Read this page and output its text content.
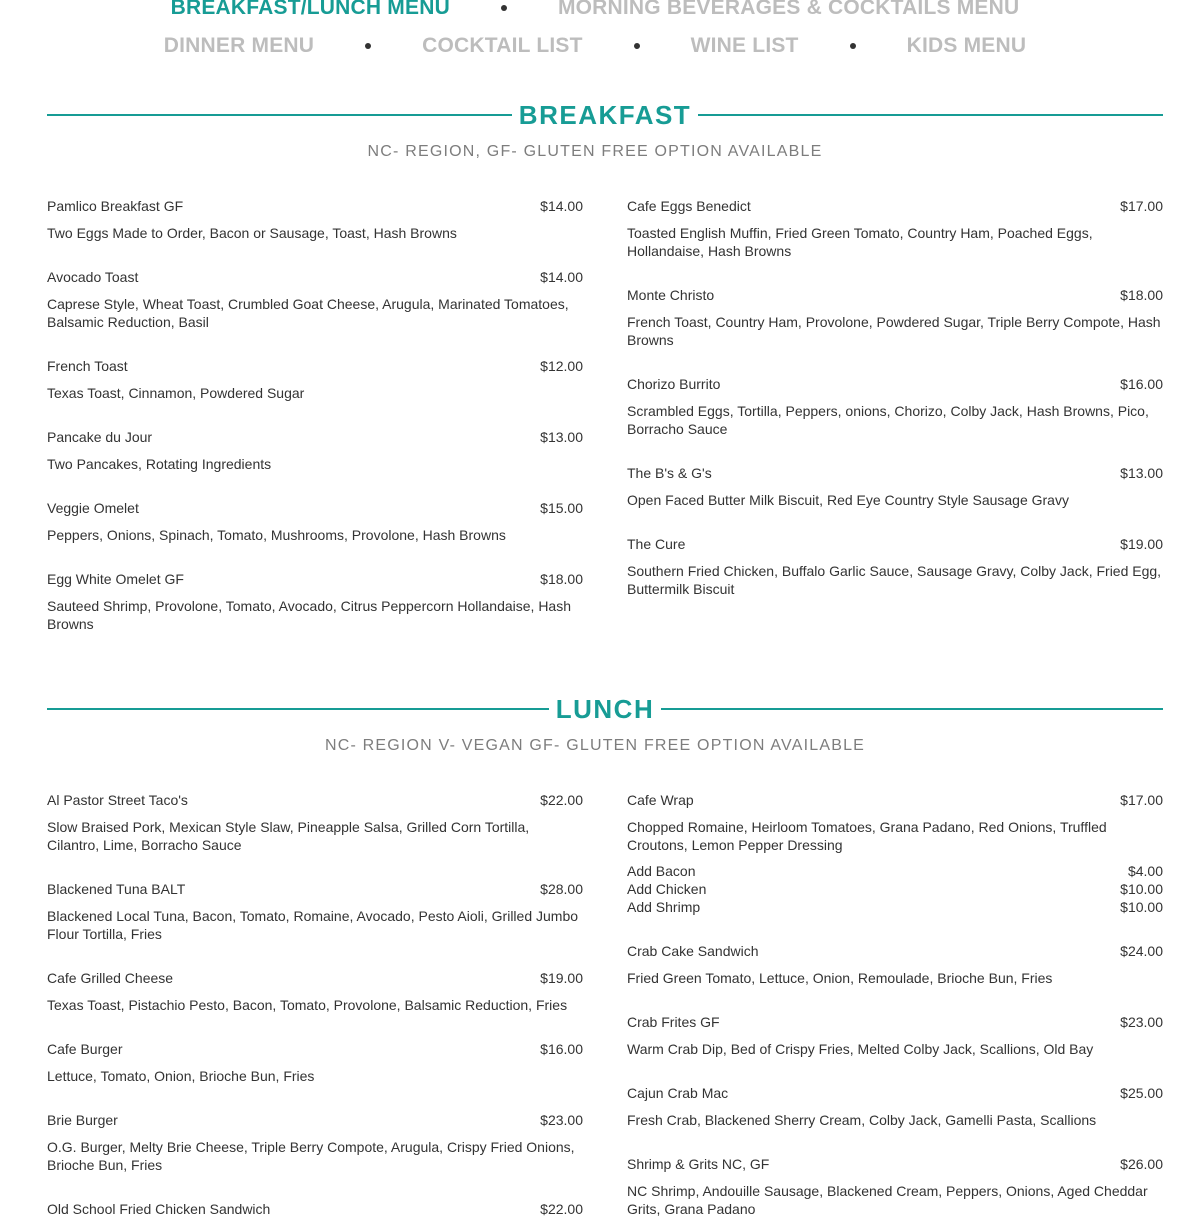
BREAKFAST/LUNCH MENU	MORNING BEVERAGES & COCKTAILS MENU
DINNER MENU	COCKTAIL LIST	WINE LIST	KIDS MENU
BREAKFAST
NC- REGION, GF- GLUTEN FREE OPTION AVAILABLE
Pamlico Breakfast GF	$14.00
Two Eggs Made to Order, Bacon or Sausage, Toast, Hash Browns
Avocado Toast	$14.00
Caprese Style, Wheat Toast, Crumbled Goat Cheese, Arugula, Marinated Tomatoes, Balsamic Reduction, Basil
French Toast	$12.00
Texas Toast, Cinnamon, Powdered Sugar
Pancake du Jour	$13.00
Two Pancakes, Rotating Ingredients
Veggie Omelet	$15.00
Peppers, Onions, Spinach, Tomato, Mushrooms, Provolone, Hash Browns
Egg White Omelet GF	$18.00
Sauteed Shrimp, Provolone, Tomato, Avocado, Citrus Peppercorn Hollandaise, Hash Browns
Cafe Eggs Benedict	$17.00
Toasted English Muffin, Fried Green Tomato, Country Ham, Poached Eggs, Hollandaise, Hash Browns
Monte Christo	$18.00
French Toast, Country Ham, Provolone, Powdered Sugar, Triple Berry Compote, Hash Browns
Chorizo Burrito	$16.00
Scrambled Eggs, Tortilla, Peppers, onions, Chorizo, Colby Jack, Hash Browns, Pico, Borracho Sauce
The B's & G's	$13.00
Open Faced Butter Milk Biscuit, Red Eye Country Style Sausage Gravy
The Cure	$19.00
Southern Fried Chicken, Buffalo Garlic Sauce, Sausage Gravy, Colby Jack, Fried Egg, Buttermilk Biscuit
LUNCH
NC- REGION V- VEGAN GF- GLUTEN FREE OPTION AVAILABLE
Al Pastor Street Taco's	$22.00
Slow Braised Pork, Mexican Style Slaw, Pineapple Salsa, Grilled Corn Tortilla, Cilantro, Lime, Borracho Sauce
Blackened Tuna BALT	$28.00
Blackened Local Tuna, Bacon, Tomato, Romaine, Avocado, Pesto Aioli, Grilled Jumbo Flour Tortilla, Fries
Cafe Grilled Cheese	$19.00
Texas Toast, Pistachio Pesto, Bacon, Tomato, Provolone, Balsamic Reduction, Fries
Cafe Burger	$16.00
Lettuce, Tomato, Onion, Brioche Bun, Fries
Brie Burger	$23.00
O.G. Burger, Melty Brie Cheese, Triple Berry Compote, Arugula, Crispy Fried Onions, Brioche Bun, Fries
Old School Fried Chicken Sandwich	$22.00
Cafe Wrap	$17.00
Chopped Romaine, Heirloom Tomatoes, Grana Padano, Red Onions, Truffled Croutons, Lemon Pepper Dressing
Add Bacon	$4.00
Add Chicken	$10.00
Add Shrimp	$10.00
Crab Cake Sandwich	$24.00
Fried Green Tomato, Lettuce, Onion, Remoulade, Brioche Bun, Fries
Crab Frites GF	$23.00
Warm Crab Dip, Bed of Crispy Fries, Melted Colby Jack, Scallions, Old Bay
Cajun Crab Mac	$25.00
Fresh Crab, Blackened Sherry Cream, Colby Jack, Gamelli Pasta, Scallions
Shrimp & Grits NC, GF	$26.00
NC Shrimp, Andouille Sausage, Blackened Cream, Peppers, Onions, Aged Cheddar Grits, Grana Padano
